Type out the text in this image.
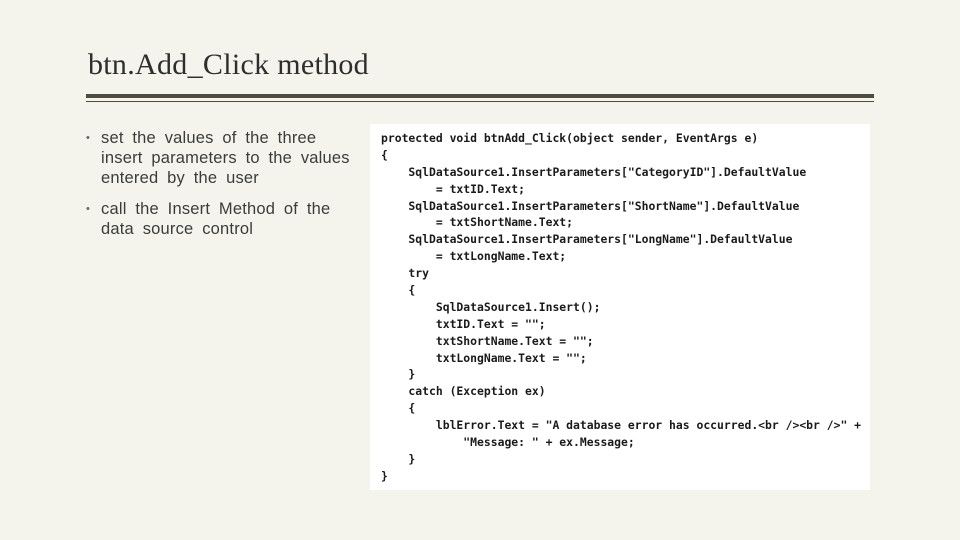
btn.Add_Click method
• set the values of the three insert parameters to the values entered by the user
• call the Insert Method of the data source control
protected void btnAdd_Click(object sender, EventArgs e)
{
SqlDataSource1.InsertParameters["CategoryID"].DefaultValue
= txtID.Text;
SqlDataSource1.InsertParameters["ShortName"].DefaultValue
= txtShortName.Text;
SqlDataSource1.InsertParameters["LongName"].DefaultValue
= txtLongName.Text;
try
{
SqlDataSource1.Insert();
txtID.Text = "";
txtShortName.Text = "";
txtLongName.Text = "";
}
catch (Exception ex)
{
lblError.Text = "A database error has occurred.<br /><br />" +
"Message: " + ex.Message;
}
}
